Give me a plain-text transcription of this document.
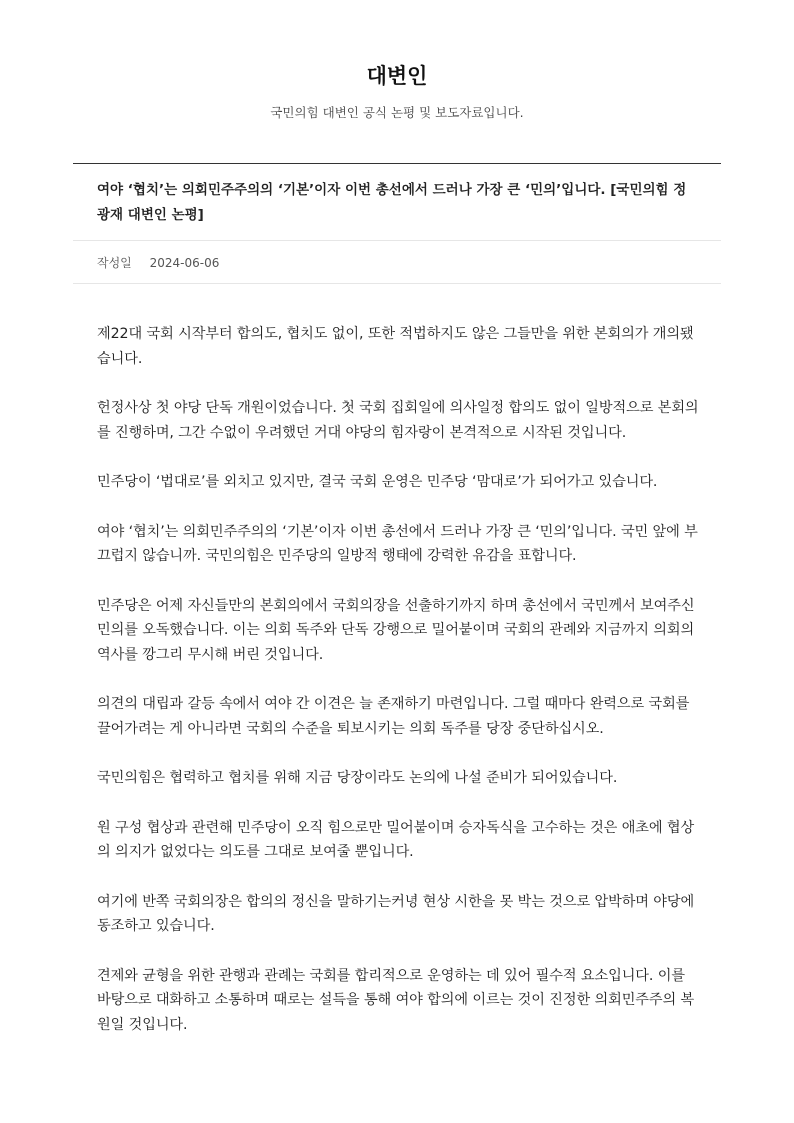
대변인

국민의힘 대변인 공식 논평 및 보도자료입니다.

여야 ‘협치’는 의회민주주의의 ‘기본’이자 이번 총선에서 드러나 가장 큰 ‘민의’입니다. [국민의힘 정광재 대변인 논평]
작성일 2024-06-06

제22대 국회 시작부터 합의도, 협치도 없이, 또한 적법하지도 않은 그들만을 위한 본회의가 개의됐습니다.

헌정사상 첫 야당 단독 개원이었습니다. 첫 국회 집회일에 의사일정 합의도 없이 일방적으로 본회의를 진행하며, 그간 수없이 우려했던 거대 야당의 힘자랑이 본격적으로 시작된 것입니다.

민주당이 ‘법대로’를 외치고 있지만, 결국 국회 운영은 민주당 ‘맘대로’가 되어가고 있습니다.

여야 ‘협치’는 의회민주주의의 ‘기본’이자 이번 총선에서 드러나 가장 큰 ‘민의’입니다. 국민 앞에 부끄럽지 않습니까. 국민의힘은 민주당의 일방적 행태에 강력한 유감을 표합니다.

민주당은 어제 자신들만의 본회의에서 국회의장을 선출하기까지 하며 총선에서 국민께서 보여주신 민의를 오독했습니다. 이는 의회 독주와 단독 강행으로 밀어붙이며 국회의 관례와 지금까지 의회의 역사를 깡그리 무시해 버린 것입니다.

의견의 대립과 갈등 속에서 여야 간 이견은 늘 존재하기 마련입니다. 그럴 때마다 완력으로 국회를 끌어가려는 게 아니라면 국회의 수준을 퇴보시키는 의회 독주를 당장 중단하십시오.

국민의힘은 협력하고 협치를 위해 지금 당장이라도 논의에 나설 준비가 되어있습니다.

원 구성 협상과 관련해 민주당이 오직 힘으로만 밀어붙이며 승자독식을 고수하는 것은 애초에 협상의 의지가 없었다는 의도를 그대로 보여줄 뿐입니다.

여기에 반쪽 국회의장은 합의의 정신을 말하기는커녕 현상 시한을 못 박는 것으로 압박하며 야당에 동조하고 있습니다.

견제와 균형을 위한 관행과 관례는 국회를 합리적으로 운영하는 데 있어 필수적 요소입니다. 이를 바탕으로 대화하고 소통하며 때로는 설득을 통해 여야 합의에 이르는 것이 진정한 의회민주주의 복원일 것입니다.
